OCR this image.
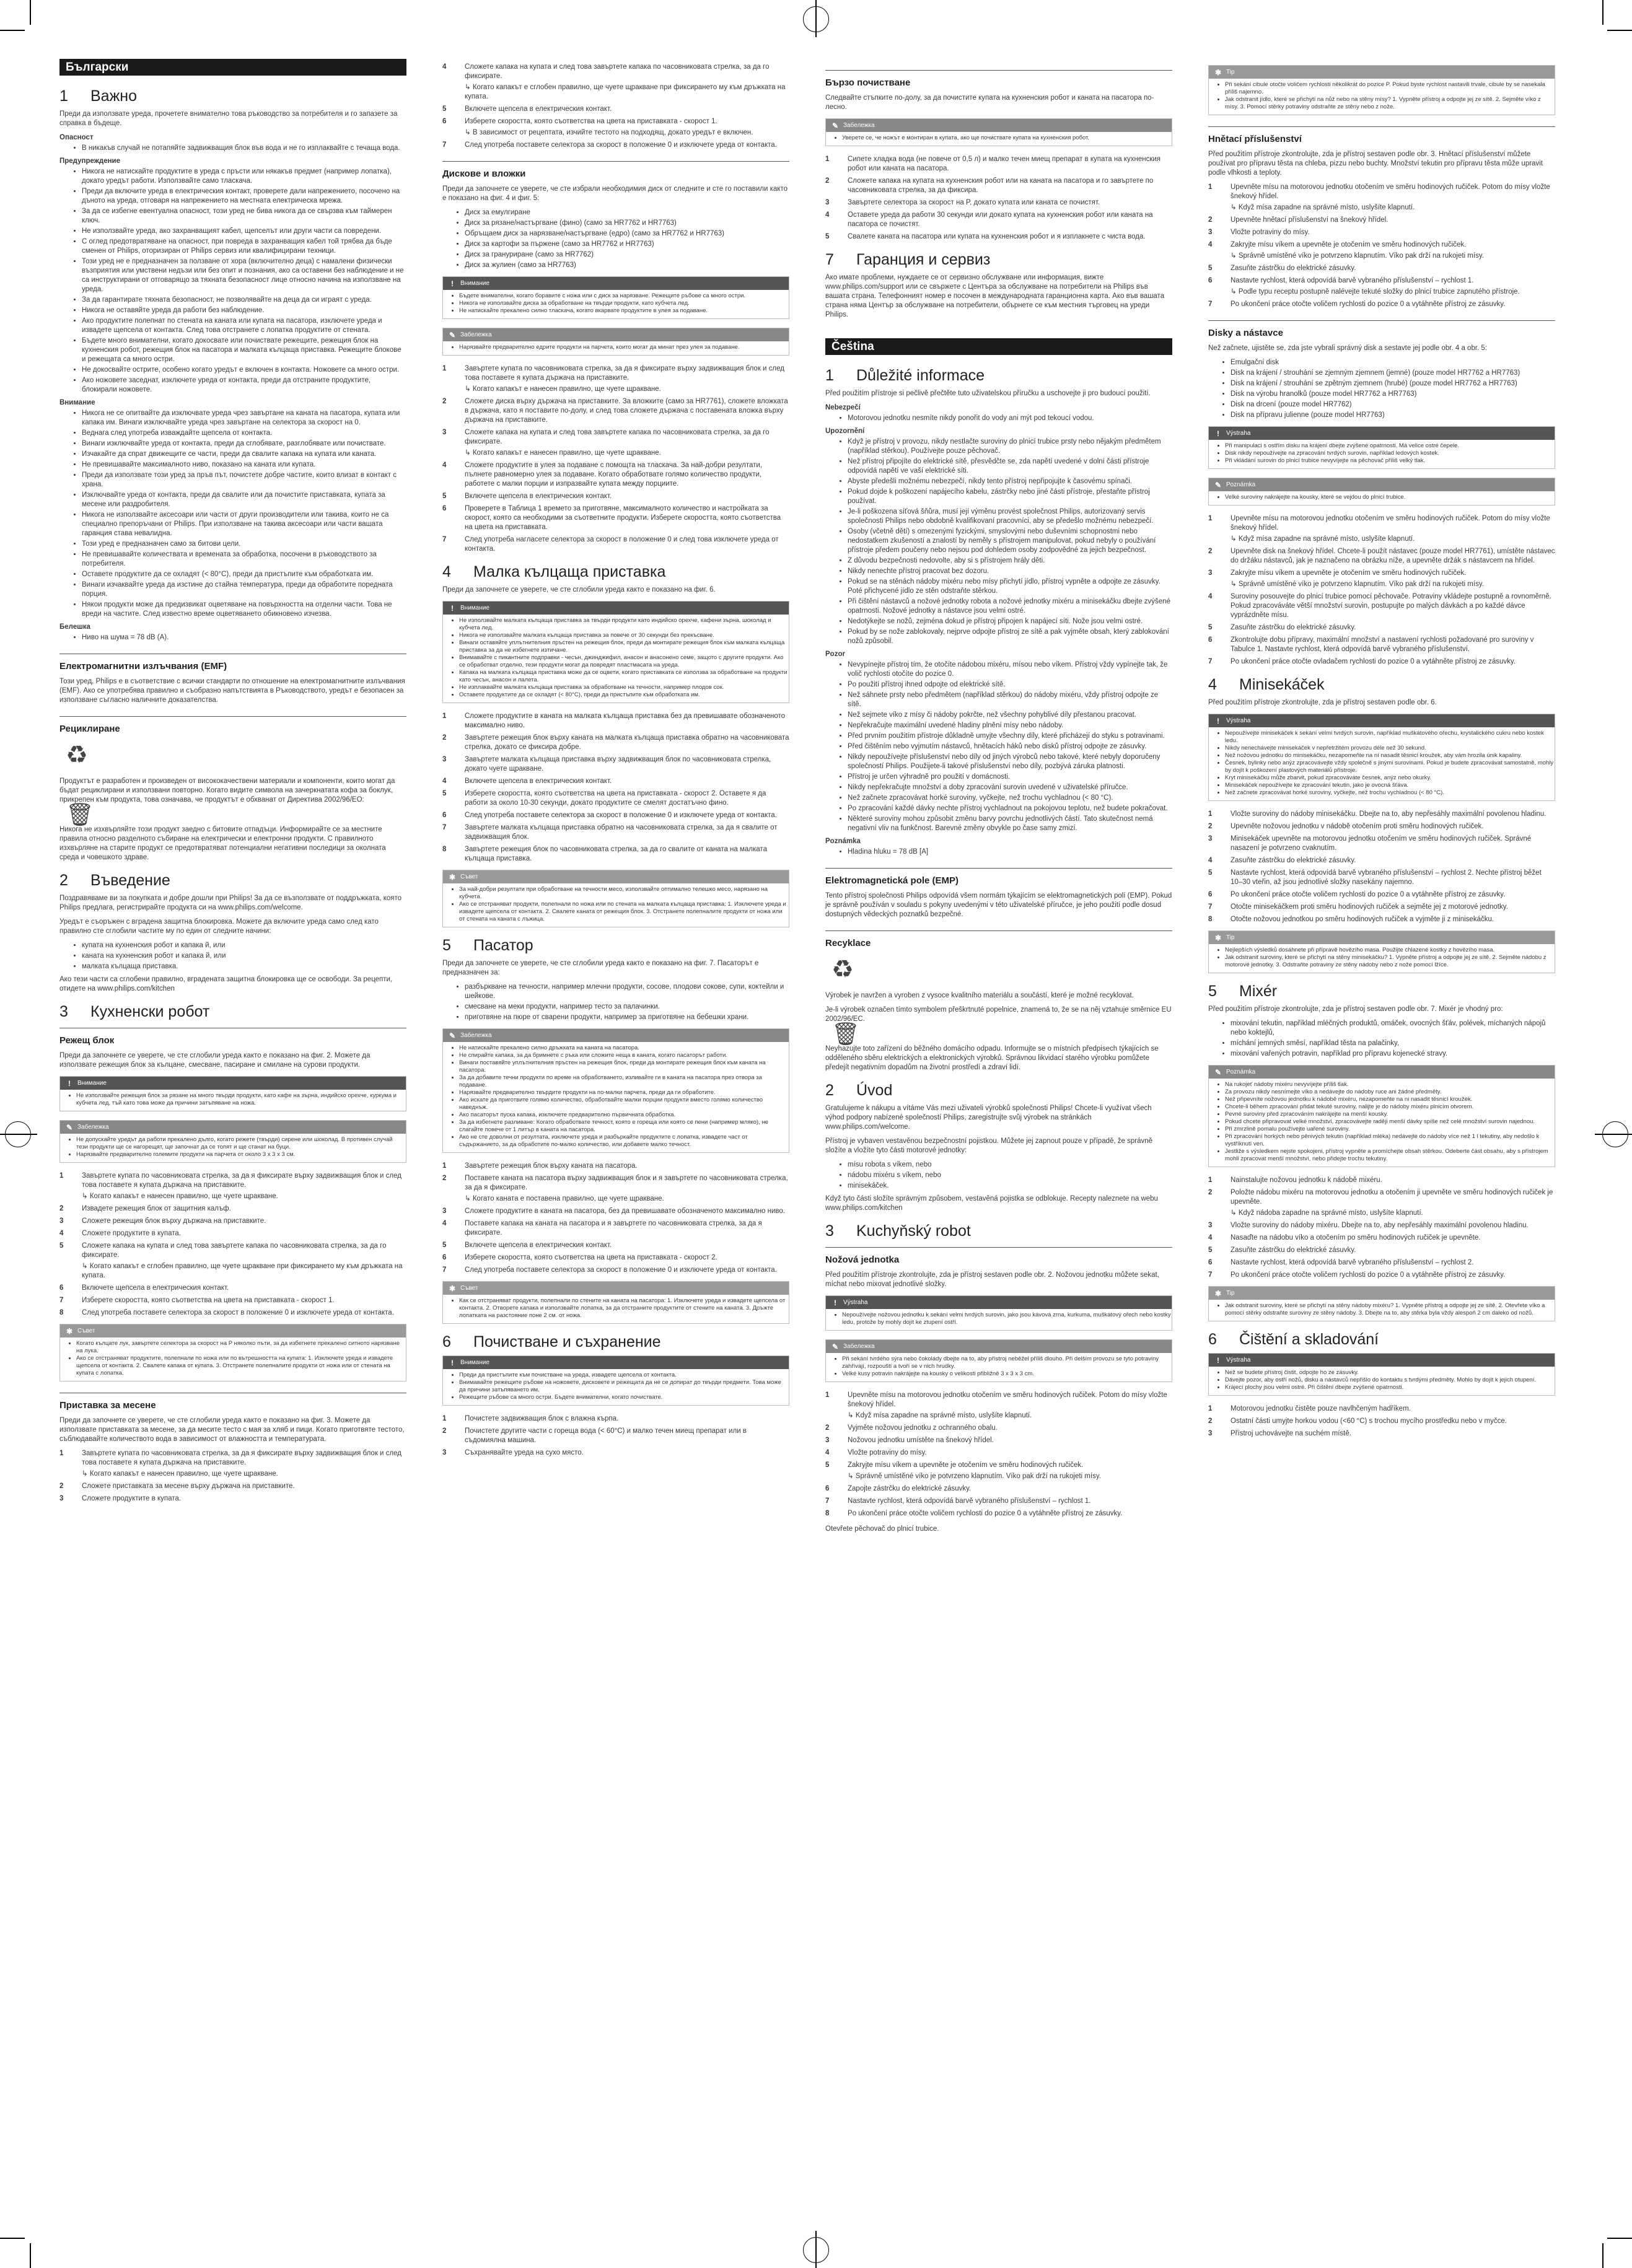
Български
1 Важно

Преди да използвате уреда, прочетете внимателно това ръководство за потребителя и го запазете за справка в бъдеще.

Опасност
• В никакъв случай не потапяйте задвижващия блок във вода и не го изплаквайте с течаща вода.
Предупреждение
• Никога не натискайте продуктите в уреда с пръсти или някакъв предмет (например лопатка), докато уредът работи. Използвайте само тласкача.
• Преди да включите уреда в електрическия контакт, проверете дали напрежението, посочено на дъното на уреда, отговаря на напрежението на местната електрическа мрежа.
• За да се избегне евентуална опасност, този уред не бива никога да се свързва към таймерен ключ.
• Не използвайте уреда, ако захранващият кабел, щепселът или други части са повредени.
• С оглед предотвратяване на опасност, при повреда в захранващия кабел той трябва да бъде сменен от Philips, оторизиран от Philips сервиз или квалифицирани техници.
• Този уред не е предназначен за ползване от хора (включително деца) с намалени физически възприятия или умствени недъзи или без опит и познания, ако са оставени без наблюдение и не са инструктирани от отговарящо за тяхната безопасност лице относно начина на използване на уреда.
• За да гарантирате тяхната безопасност, не позволявайте на деца да си играят с уреда.
• Никога не оставяйте уреда да работи без наблюдение.
• Ако продуктите полепнат по стената на каната или купата на пасатора, изключете уреда и извадете щепсела от контакта. След това отстранете с лопатка продуктите от стената.
• Бъдете много внимателни, когато докосвате или почиствате режещите, режещия блок на кухненския робот, режещия блок на пасатора и малката кълцаща приставка. Режещите блокове и режещата са много остри.
• Не докосвайте острите, особено когато уредът е включен в контакта. Ножовете са много остри.
• Ако ножовете заседнат, изключете уреда от контакта, преди да отстраните продуктите, блокирали ножовете.
Внимание
• Никога не се опитвайте да изключвате уреда чрез завъртане на каната на пасатора, купата или капака им. Винаги изключвайте уреда чрез завъртане на селектора за скорост на 0.
• Веднага след употреба изваждайте щепсела от контакта.
• Винаги изключвайте уреда от контакта, преди да сглобявате, разглобявате или почиствате.
• Изчакайте да спрат движещите се части, преди да свалите капака на купата или каната.
• Не превишавайте максималното ниво, показано на каната или купата.
• Преди да използвате този уред за пръв път, почистете добре частите, които влизат в контакт с храна.
• Изключвайте уреда от контакта, преди да свалите или да почистите приставката, купата за месене или раздробителя.
• Никога не използвайте аксесоари или части от други производители или такива, които не са специално препоръчани от Philips. При използване на такива аксесоари или части вашата гаранция става невалидна.
• Този уред е предназначен само за битови цели.
• Не превишавайте количествата и времената за обработка, посочени в ръководството за потребителя.
• Оставете продуктите да се охладят (< 80°C), преди да пристъпите към обработката им.
• Винаги изчаквайте уреда да изстине до стайна температура, преди да обработите поредната порция.
• Някои продукти може да предизвикат оцветяване на повърхността на отделни части. Това не вреди на частите. След известно време оцветяването обикновено изчезва.
Белешка
• Ниво на шума = 78 dB (A).
Електромагнитни излъчвания (EMF)

Този уред, Philips е в съответствие с всички стандарти по отношение на електромагнитните излъчвания (EMF). Ако се употребява правилно и съобразно напътствията в Ръководството, уредът е безопасен за използване съгласно наличните доказателства.

Рециклиране
♻

Продуктът е разработен и произведен от висококачествени материали и компоненти, които могат да бъдат рециклирани и използвани повторно. Когато видите символа на зачеркнатата кофа за боклук, прикрепен към продукта, това означава, че продуктът е обхванат от Директива 2002/96/ЕО:

🗑

Никога не изхвърляйте този продукт заедно с битовите отпадъци. Информирайте се за местните правила относно разделното събиране на електрически и електронни продукти. С правилното изхвърляне на старите продукт се предотвратяват потенциални негативни последици за околната среда и човешкото здраве.

2 Въведение

Поздравяваме ви за покупката и добре дошли при Philips! За да се възползвате от поддръжката, която Philips предлага, регистрирайте продукта си на www.philips.com/welcome.

Уредът е съоръжен с вградена защитна блокировка. Можете да включите уреда само след като правилно сте сглобили частите му по един от следните начини:

• купата на кухненския робот и капака й, или
• каната на кухненския робот и капака й, или
• малката кълцаща приставка.

Ако тези части са сглобени правилно, вградената защитна блокировка ще се освободи. За рецепти, отидете на www.philips.com/kitchen

3 Кухненски робот
Режещ блок

Преди да започнете се уверете, че сте сглобили уреда както е показано на фиг. 2. Можете да използвате режещия блок за кълцане, смесване, пасиране и смилане на сурови продукти.

!	Внимание
• Не използвайте режещия блок за рязане на много твърди продукти, като кафе на зърна, индийско орехче, куркума и кубчета лед, тъй като това може да причини затъпяване на ножа.
✎ Забележка
• Не допускайте уредът да работи прекалено дълго, когато режете (твърди) сирене или шоколад. В противен случай тези продукти ще се нагорещят, ще започнат да се топят и ще станат на буци.
• Нарязвайте предварително големите продукти на парчета от около 3 x 3 x 3 см.
1	Завъртете купата по часовниковата стрелка, за да я фиксирате върху задвижващия блок и след това поставете я купата държача на приставките.
↳ Когато капакът е нанесен правилно, ще чуете щракване.
2	Извадете режещия блок от защитния калъф.
3	Сложете режещия блок върху държача на приставките.
4	Сложете продуктите в купата.
5	Сложете капака на купата и след това завъртете капака по часовниковата стрелка, за да го фиксирате.
↳ Когато капакът е сглобен правилно, ще чуете щракване при фиксирането му към дръжката на купата.
6	Включете щепсела в електрическия контакт.
7	Изберете скоростта, която съответства на цвета на приставката - скорост 1.
8	След употреба поставете селектора за скорост в положение 0 и изключете уреда от контакта.
✱ Съвет
• Когато кълцате лук, завъртете селектора за скорост на P няколко пъти, за да избегнете прекалено ситното нарязване на лука.
• Ако се отстраняват продуктите, полепнали по ножа или по вътрешността на купата: 1. Изключете уреда и извадете щепсела от контакта. 2. Свалете капака от купата. 3. Отстранете полепналите продукти от ножа или от стената на купата с лопатка.
Приставка за месене

Преди да започнете се уверете, че сте сглобили уреда както е показано на фиг. 3. Можете да използвате приставката за месене, за да месите тесто с мая за хляб и пици. Когато приготвяте тестото, съблюдавайте количеството вода в зависимост от влажността и температурата.

1	Завъртете купата по часовниковата стрелка, за да я фиксирате върху задвижващия блок и след това поставете я купата държача на приставките.
↳ Когато капакът е нанесен правилно, ще чуете щракване.
2	Сложете приставката за месене върху държача на приставките.
3	Сложете продуктите в купата.
4	Сложете капака на купата и след това завъртете капака по часовниковата стрелка, за да го фиксирате.
↳ Когато капакът е сглобен правилно, ще чуете щракване при фиксирането му към дръжката на купата.
5	Включете щепсела в електрическия контакт.
6	Изберете скоростта, която съответства на цвета на приставката - скорост 1.
↳ В зависимост от рецептата, изчийте тестото на подходящ, докато уредът е включен.
7	След употреба поставете селектора за скорост в положение 0 и изключете уреда от контакта.
Дискове и вложки

Преди да започнете се уверете, че сте избрали необходимия диск от следните и сте го поставили както е показано на фиг. 4 и фиг. 5:

• Диск за емулгиране
• Диск за рязане/настъргване (фино) (само за HR7762 и HR7763)
• Обръщаем диск за нарязване/настъргване (едро) (само за HR7762 и HR7763)
• Диск за картофи за пържене (само за HR7762 и HR7763)
• Диск за грануриране (само за HR7762)
• Диск за жулиен (само за HR7763)
!	Внимание
• Бъдете внимателни, когато боравите с ножа или с диск за нарязване. Режещите ръбове са много остри.
• Никога не използвайте диска за обработване на твърди продукти, като кубчета лед.
• Не натискайте прекалено силно тласкача, когато вкарвате продуктите в улея за подаване.
✎ Забележка
• Нарязвайте предварително едрите продукти на парчета, които могат да минат през улея за подаване.
1	Завъртете купата по часовниковата стрелка, за да я фиксирате върху задвижващия блок и след това поставете я купата държача на приставките.
↳ Когато капакът е нанесен правилно, ще чуете щракване.
2	Сложете диска върху държача на приставките. За вложките (само за HR7761), сложете вложката в държача, като я поставите по-долу, и след това сложете държача с поставената вложка върху държача на приставките.
3	Сложете капака на купата и след това завъртете капака по часовниковата стрелка, за да го фиксирате.
↳ Когато капакът е нанесен правилно, ще чуете щракване.
4	Сложете продуктите в улея за подаване с помощта на тласкача. За най-добри резултати, пълнете равномерно улея за подаване. Когато обработвате голямо количество продукти, работете с малки порции и изпразвайте купата между порциите.
5	Включете щепсела в електрическия контакт.
6	Проверете в Таблица 1 времето за приготвяне, максималното количество и настройката за скорост, която са необходими за съответните продукти. Изберете скоростта, която съответства на цвета на приставката.
7	След употреба нагласете селектора за скорост в положение 0 и след това изключете уреда от контакта.
4 Малка кълцаща приставка

Преди да започнете се уверете, че сте сглобили уреда както е показано на фиг. 6.

!	Внимание
• Не използвайте малката кълцаща приставка за твърди продукти като индийско орехче, кафени зърна, шоколад и кубчета лед.
• Никога не използвайте малката кълцаща приставка за повече от 30 секунди без прекъсване.
• Винаги оставяйте уплътнителния пръстен на режещия блок, преди да монтирате режещия блок към малката кълцаща приставка за да не избегнете изтичане.
• Внимавайте с пикантните подправки - чесън, джинджифил, анасон и анасонено семе, защото с другите продукти. Ако се обработват отделно, тези продукти могат да повредят пластмасата на уреда.
• Капака на малката кълцаща приставка може да се оцвети, когато приставката се използва за обработване на продукти като чесън, анасон и лалета.
• Не изплаквайте малката кълцаща приставка за обработване на течности, например плодов сок.
• Оставете продуктите да се охладят (< 80°C), преди да пристъпите към обработката им.
1	Сложете продуктите в каната на малката кълцаща приставка без да превишавате обозначеното максимално ниво.
2	Завъртете режещия блок върху каната на малката кълцаща приставка обратно на часовниковата стрелка, докато се фиксира добре.
3	Завъртете малката кълцаща приставка върху задвижващия блок по часовниковата стрелка, докато чуете щракване.
4	Включете щепсела в електрическия контакт.
5	Изберете скоростта, която съответства на цвета на приставката - скорост 2. Оставете я да работи за около 10-30 секунди, докато продуктите се смелят достатъчно фино.
6	След употреба поставете селектора за скорост в положение 0 и изключете уреда от контакта.
7	Завъртете малката кълцаща приставка обратно на часовниковата стрелка, за да я свалите от задвижващия блок.
8	Завъртете режещия блок по часовниковата стрелка, за да го свалите от каната на малката кълцаща приставка.
✱ Съвет
• За най-добри резултати при обработване на течности месо, използвайте оптимално телешко месо, нарязано на кубчета.
• Ако се отстраняват продукти, полепнали по ножа или по стената на малката кълцаща приставка: 1. Изключете уреда и извадете щепсела от контакта. 2. Свалете каната от режещия блок. 3. Отстранете полепналите продукти от ножа или от стената на каната с лъжица.
5 Пасатор

Преди да започнете се уверете, че сте сглобили уреда както е показано на фиг. 7. Пасаторът е предназначен за:

• разбъркване на течности, например млечни продукти, сосове, плодови сокове, супи, коктейли и шейкове.
• смесване на меки продукти, например тесто за палачинки.
• приготвяне на пюре от сварени продукти, например за приготвяне на бебешки храни.
✎ Забележка
• Не натискайте прекалено силно дръжката на каната на пасатора.
• Не спирайте капака, за да бримнете с ръка или сложите неща в каната, когато пасаторът работи.
• Винаги поставяйте уплътнителния пръстен на режещия блок, преди да монтирате режещия блок към каната на пасатора.
• За да добавите течни продукти по време на обработването, изливайте ги в каната на пасатора през отвора за подаване.
• Нарязвайте предварително твърдите продукти на по-малки парчета, преди да ги обработите.
• Ако искате да приготвите голямо количество, обработвайте малки порции продукти вместо голямо количество наведнъж.
• Ако пасаторът пуска капака, изключете предварително първичната обработка.
• За да избегнете разливане: Когато обработвате течност, която е гореща или която се пени (например мляко), не слагайте повече от 1 литър в каната на пасатора.
• Ако не сте доволни от резултата, изключете уреда и разбъркайте продуктите с лопатка, извадете част от съдържанието, за да обработите по-малко количество, или добавете малко течност.
1	Завъртете режещия блок върху каната на пасатора.
2	Поставете каната на пасатора върху задвижващия блок и я завъртете по часовниковата стрелка, за да я фиксирате.
↳ Когато каната е поставена правилно, ще чуете щракване.
3	Сложете продуктите в каната на пасатора, без да превишавате обозначеното максимално ниво.
4	Поставете капака на каната на пасатора и я завъртете по часовниковата стрелка, за да я фиксирате.
5	Включете щепсела в електрическия контакт.
6	Изберете скоростта, която съответства на цвета на приставката - скорост 2.
7	След употреба поставете селектора за скорост в положение 0 и изключете уреда от контакта.
✱ Съвет
• Как се отстраняват продукти, полепнали по стените на каната на пасатора: 1. Изключете уреда и извадете щепсела от контакта. 2. Отворете капака и използвайте лопатка, за да отстраните продуктите от стените на каната. 3. Дръжте лопатката на разстояние поне 2 см. от ножа.
6 Почистване и съхранение
!	Внимание
• Преди да пристъпите към почистване на уреда, извадете щепсела от контакта.
• Внимавайте режещите ръбове на ножовете, дисковете и режещата да не се допират до твърди предмети. Това може да причини затъпяването им.
• Режещите ръбове са много остри. Бъдете внимателни, когато почиствате.
1	Почистете задвижващия блок с влажна кърпа.
2	Почистете другите части с гореща вода (< 60°C) и малко течен миещ препарат или в съдомиялна машина.
3	Съхранявайте уреда на сухо място.
Бързо почистване

Следвайте стъпките по-долу, за да почистите купата на кухненския робот и каната на пасатора по-лесно.

✎ Забележка
• Уверете се, че ножът е монтиран в купата, ако ще почиствате купата на кухненския робот.
1	Сипете хладка вода (не повече от 0,5 л) и малко течен миещ препарат в купата на кухненския робот или каната на пасатора.
2	Сложете капака на купата на кухненския робот или на каната на пасатора и го завъртете по часовниковата стрелка, за да фиксира.
3	Завъртете селектора за скорост на P, докато купата или каната се почистят.
4	Оставете уреда да работи 30 секунди или докато купата на кухненския робот или каната на пасатора се почистят.
5	Свалете каната на пасатора или купата на кухненския робот и я изплакнете с чиста вода.
7 Гаранция и сервиз

Ако имате проблеми, нуждаете се от сервизно обслужване или информация, вижте www.philips.com/support или се свържете с Центъра за обслужване на потребители на Philips във вашата страна. Телефонният номер е посочен в международната гаранционна карта. Ако във вашата страна няма Център за обслужване на потребители, обърнете се към местния търговец на уреди Philips.

Čeština
1 Důležité informace

Před použitím přístroje si pečlivě přečtěte tuto uživatelskou příručku a uschovejte ji pro budoucí použití.

Nebezpečí
• Motorovou jednotku nesmíte nikdy ponořit do vody ani mýt pod tekoucí vodou.
Upozornění
• Když je přístroj v provozu, nikdy nestlačte suroviny do plnicí trubice prsty nebo nějakým předmětem (například stěrkou). Používejte pouze pěchovač.
• Než přístroj připojíte do elektrické sítě, přesvědčte se, zda napětí uvedené v dolní části přístroje odpovídá napětí ve vaší elektrické síti.
• Abyste předešli možnému nebezpečí, nikdy tento přístroj nepřipojujte k časovému spínači.
• Pokud dojde k poškození napájecího kabelu, zástrčky nebo jiné části přístroje, přestaňte přístroj používat.
• Je-li poškozena síťová šňůra, musí její výměnu provést společnost Philips, autorizovaný servis společnosti Philips nebo obdobně kvalifikovaní pracovníci, aby se předešlo možnému nebezpečí.
• Osoby (včetně dětí) s omezenými fyzickými, smyslovými nebo duševními schopnostmi nebo nedostatkem zkušeností a znalostí by neměly s přístrojem manipulovat, pokud nebyly o používání přístroje předem poučeny nebo nejsou pod dohledem osoby zodpovědné za jejich bezpečnost.
• Z důvodu bezpečnosti nedovolte, aby si s přístrojem hrály děti.
• Nikdy nenechte přístroj pracovat bez dozoru.
• Pokud se na stěnách nádoby mixéru nebo mísy přichytí jídlo, přístroj vypněte a odpojte ze zásuvky. Poté přichycené jídlo ze stěn odstraňte stěrkou.
• Při čištění nástavců a nožové jednotky robota a nožové jednotky mixéru a minisekáčku dbejte zvýšené opatrnosti. Nožové jednotky a nástavce jsou velmi ostré.
• Nedotýkejte se nožů, zejména dokud je přístroj připojen k napájecí síti. Nože jsou velmi ostré.
• Pokud by se nože zablokovaly, nejprve odpojte přístroj ze sítě a pak vyjměte obsah, který zablokování nožů způsobil.
Pozor
• Nevypínejte přístroj tím, že otočíte nádobou mixéru, mísou nebo víkem. Přístroj vždy vypínejte tak, že volič rychlosti otočíte do pozice 0.
• Po použití přístroj ihned odpojte od elektrické sítě.
• Než sáhnete prsty nebo předmětem (například stěrkou) do nádoby mixéru, vždy přístroj odpojte ze sítě.
• Než sejmete víko z mísy či nádoby pokrčte, než všechny pohyblivé díly přestanou pracovat.
• Nepřekračujte maximální uvedené hladiny plnění mísy nebo nádoby.
• Před prvním použitím přístroje důkladně umyjte všechny díly, které přicházejí do styku s potravinami.
• Před čištěním nebo vyjmutím nástavců, hnětacích háků nebo disků přístroj odpojte ze zásuvky.
• Nikdy nepoužívejte příslušenství nebo díly od jiných výrobců nebo takové, které nebyly doporučeny společností Philips. Použijete-li takové příslušenství nebo díly, pozbývá záruka platnosti.
• Přístroj je určen výhradně pro použití v domácnosti.
• Nikdy nepřekračujte množství a doby zpracování surovin uvedené v uživatelské příručce.
• Než začnete zpracovávat horké suroviny, vyčkejte, než trochu vychladnou (< 80 °C).
• Po zpracování každé dávky nechte přístroj vychladnout na pokojovou teplotu, než budete pokračovat.
• Některé suroviny mohou způsobit změnu barvy povrchu jednotlivých částí. Tato skutečnost nemá negativní vliv na funkčnost. Barevné změny obvykle po čase samy zmizí.
Poznámka
• Hladina hluku = 78 dB [A]
Elektromagnetická pole (EMP)

Tento přístroj společnosti Philips odpovídá všem normám týkajícím se elektromagnetických polí (EMP). Pokud je správně používán v souladu s pokyny uvedenými v této uživatelské příručce, je jeho použití podle dosud dostupných vědeckých poznatků bezpečné.

Recyklace
♻

Výrobek je navržen a vyroben z vysoce kvalitního materiálu a součástí, které je možné recyklovat.

Je-li výrobek označen tímto symbolem přeškrtnuté popelnice, znamená to, že se na něj vztahuje směrnice EU 2002/96/EC.

🗑

Neyhazujte toto zařízení do běžného domácího odpadu. Informujte se o místních předpisech týkajících se odděleného sběru elektrických a elektronických výrobků. Správnou likvidací starého výrobku pomůžete předejít negativním dopadům na životní prostředí a zdraví lidí.

2 Úvod

Gratulujeme k nákupu a vítáme Vás mezi uživateli výrobků společnosti Philips! Chcete-li využívat všech výhod podpory nabízené společností Philips, zaregistrujte svůj výrobek na stránkách www.philips.com/welcome.

Přístroj je vybaven vestavěnou bezpečnostní pojistkou. Můžete jej zapnout pouze v případě, že správně složíte a vložíte tyto části motorové jednotky:

• mísu robota s víkem, nebo
• nádobu mixéru s víkem, nebo
• minisekáček.

Když tyto části složíte správným způsobem, vestavěná pojistka se odblokuje. Recepty naleznete na webu www.philips.com/kitchen

3 Kuchyňský robot
Nožová jednotka

Před použitím přístroje zkontrolujte, zda je přístroj sestaven podle obr. 2. Nožovou jednotku můžete sekat, míchat nebo mixovat jednotlivé složky.

!	Výstraha
• Nepoužívejte nožovou jednotku k sekání velmi tvrdých surovin, jako jsou kávová zrna, kurkuma, muškátový ořech nebo kostky ledu, protože by mohly dojít ke ztupení ostří.
✎ Забележка
• Při sekání tvrdého sýra nebo čokolády dbejte na to, aby přístroj neběžel příliš dlouho. Při delším provozu se tyto potraviny zahřívají, rozpouští a tvoří se v nich hrudky.
• Velké kusy potravin nakrájejte na kousky o velikosti přibližně 3 x 3 x 3 cm.
1	Upevněte mísu na motorovou jednotku otočením ve směru hodinových ručiček. Potom do mísy vložte šnekový hřídel.
↳ Když mísa zapadne na správné místo, uslyšíte klapnutí.
2	Vyjměte nožovou jednotku z ochranného obalu.
3	Nožovou jednotku umístěte na šnekový hřídel.
4	Vložte potraviny do mísy.
5	Zakryjte mísu víkem a upevněte je otočením ve směru hodinových ručiček.
↳ Správně umístěné víko je potvrzeno klapnutím. Víko pak drží na rukojeti mísy.
6	Zapojte zástrčku do elektrické zásuvky.
7	Nastavte rychlost, která odpovídá barvě vybraného příslušenství – rychlost 1.
8	Po ukončení práce otočte voličem rychlosti do pozice 0 a vytáhněte přístroj ze zásuvky.

Otevřete pěchovač do plnicí trubice.

✱ Tip
• Při sekání cibule otočte voličem rychlosti několikrát do pozice P. Pokud byste rychlost nastavili trvale, cibule by se nasekala příliš najemno.
• Jak odstranit jídlo, které se přichytí na nůž nebo na stěny mísy? 1. Vypněte přístroj a odpojte jej ze sítě. 2. Sejměte víko z mísy. 3. Pomocí stěrky potraviny odstraňte ze stěny nebo z nože.
Hnětací příslušenství

Před použitím přístroje zkontrolujte, zda je přístroj sestaven podle obr. 3. Hnětací příslušenství můžete používat pro přípravu těsta na chleba, pizzu nebo buchty. Množství tekutin pro přípravu těsta může upravit podle vlhkosti a teploty.

1	Upevněte mísu na motorovou jednotku otočením ve směru hodinových ručiček. Potom do mísy vložte šnekový hřídel.
↳ Když mísa zapadne na správné místo, uslyšíte klapnutí.
2	Upevněte hnětací příslušenství na šnekový hřídel.
3	Vložte potraviny do mísy.
4	Zakryjte mísu víkem a upevněte je otočením ve směru hodinových ručiček.
↳ Správně umístěné víko je potvrzeno klapnutím. Víko pak drží na rukojeti mísy.
5	Zasuňte zástrčku do elektrické zásuvky.
6	Nastavte rychlost, která odpovídá barvě vybraného příslušenství – rychlost 1.
↳ Podle typu receptu postupně nalévejte tekuté složky do plnicí trubice zapnutého přístroje.
7	Po ukončení práce otočte voličem rychlosti do pozice 0 a vytáhněte přístroj ze zásuvky.
Disky a nástavce

Než začnete, ujistěte se, zda jste vybrali správný disk a sestavte jej podle obr. 4 a obr. 5:

• Emulgační disk
• Disk na krájení / strouhání se zjemným zjemnem (jemné) (pouze model HR7762 a HR7763)
• Disk na krájení / strouhání se zpětným zjemnem (hrubé) (pouze model HR7762 a HR7763)
• Disk na výrobu hranolků (pouze model HR7762 a HR7763)
• Disk na drcení (pouze model HR7762)
• Disk na přípravu julienne (pouze model HR7763)
!	Výstraha
• Při manipulaci s ostřím disku na krájení dbejte zvýšené opatrnosti. Má velice ostré čepele.
• Disk nikdy nepoužívejte na zpracování tvrdých surovin, například ledových kostek.
• Při vkládání surovin do plnicí trubice nevyvíjejte na pěchovač příliš velký tlak.
✎ Poznámka
• Velké suroviny nakrájejte na kousky, které se vejdou do plnicí trubice.
1	Upevněte mísu na motorovou jednotku otočením ve směru hodinových ručiček. Potom do mísy vložte šnekový hřídel.
↳ Když mísa zapadne na správné místo, uslyšíte klapnutí.
2	Upevněte disk na šnekový hřídel. Chcete-li použít nástavec (pouze model HR7761), umístěte nástavec do držáku nástavců, jak je naznačeno na obrázku níže, a upevněte držák s nástavcem na hřídel.
3	Zakryjte mísu víkem a upevněte je otočením ve směru hodinových ručiček.
↳ Správně umístěné víko je potvrzeno klapnutím. Víko pak drží na rukojeti mísy.
4	Suroviny posouvejte do plnicí trubice pomocí pěchovače. Potraviny vkládejte postupně a rovnoměrně. Pokud zpracováváte větší množství surovin, postupujte po malých dávkách a po každé dávce vyprázdněte mísu.
5	Zasuňte zástrčku do elektrické zásuvky.
6	Zkontrolujte dobu přípravy, maximální množství a nastavení rychlosti požadované pro suroviny v Tabulce 1. Nastavte rychlost, která odpovídá barvě vybraného příslušenství.
7	Po ukončení práce otočte ovladačem rychlosti do pozice 0 a vytáhněte přístroj ze zásuvky.
4 Minisekáček

Před použitím přístroje zkontrolujte, zda je přístroj sestaven podle obr. 6.

!	Výstraha
• Nepoužívejte minisekáček k sekání velmi tvrdých surovin, například muškátového ořechu, krystalického cukru nebo kostek ledu.
• Nikdy nenechávejte minisekáček v nepřetržitém provozu déle než 30 sekund.
• Než nožovou jednotku do minisekáčku, nezapomeňte na ní nasadit těsnicí kroužek, aby vám hrozila únik kapaliny.
• Česnek, bylinky nebo anýz zpracovávejte vždy společně s jinými surovinami. Pokud je budete zpracovávat samostatně, mohly by dojít k poškození plastových materiálů přístroje.
• Kryt minisekáčku může zbarvit, pokud zpracováváte česnek, anýz nebo okurky.
• Minisekáček nepoužívejte ke zpracování tekutin, jako je ovocná šťáva.
• Než začnete zpracovávat horké suroviny, vyčkejte, než trochu vychladnou (< 80 °C).
1	Vložte suroviny do nádoby minisekáčku. Dbejte na to, aby nepřesáhly maximální povolenou hladinu.
2	Upevněte nožovou jednotku v nádobě otočením proti směru hodinových ručiček.
3	Minisekáček upevněte na motorovou jednotku otočením ve směru hodinových ručiček. Správné nasazení je potvrzeno cvaknutím.
4	Zasuňte zástrčku do elektrické zásuvky.
5	Nastavte rychlost, která odpovídá barvě vybraného příslušenství – rychlost 2. Nechte přístroj běžet 10–30 vteřin, až jsou jednotlivé složky nasekány najemno.
6	Po ukončení práce otočte voličem rychlosti do pozice 0 a vytáhněte přístroj ze zásuvky.
7	Otočte minisekáčkem proti směru hodinových ručiček a sejměte jej z motorové jednotky.
8	Otočte nožovou jednotkou po směru hodinových ručiček a vyjměte ji z minisekáčku.
✱ Tip
• Nejlepších výsledků dosáhnete při přípravě hovězího masa. Použijte chlazené kostky z hovězího masa.
• Jak odstranit suroviny, které se přichytí na stěny minisekáčku? 1. Vypněte přístroj a odpojte jej ze sítě. 2. Sejměte nádobu z motorové jednotky. 3. Odstraňte potraviny ze stěny nádoby nebo z nože pomocí lžíce.
5 Mixér

Před použitím přístroje zkontrolujte, zda je přístroj sestaven podle obr. 7. Mixér je vhodný pro:

• mixování tekutin, například mléčných produktů, omáček, ovocných šťáv, polévek, míchaných nápojů nebo koktejlů,
• míchání jemných směsí, například těsta na palačinky,
• mixování vařených potravin, například pro přípravu kojenecké stravy.
✎ Poznámka
• Na rukojeť nádoby mixéru nevyvíjejte příliš tlak.
• Za provozu nikdy nesnímejte víko a nedávejte do nádoby ruce ani žádné předměty.
• Než připevníte nožovou jednotku k nádobě mixéru, nezapomeňte na ni nasadit těsnicí kroužek.
• Chcete-li během zpracování přidat tekuté suroviny, nalijte je do nádoby mixéru plnicím otvorem.
• Pevné suroviny před zpracováním nakrájejte na menší kousky.
• Pokud chcete připravovat velké množství, zpracovávejte raději menší dávky spíše než celé množství surovin najednou.
• Při zmrzlině pomalu používejte uařené suroviny.
• Při zpracování horkých nebo pěnivých tekutin (například mléka) nedávejte do nádoby více než 1 l tekutiny, aby nedošlo k vystříknutí ven.
• Jestliže s výsledkem nejste spokojeni, přístroj vypněte a promíchejte obsah stěrkou. Odeberte část obsahu, aby s přístrojem mohli zpracovat menší množství, nebo přidejte trochu tekutiny.
1	Nainstalujte nožovou jednotku k nádobě mixéru.
2	Položte nádobu mixéru na motorovou jednotku a otočením ji upevněte ve směru hodinových ručiček je upevněte.
↳ Když nádoba zapadne na správné místo, uslyšíte klapnutí.
3	Vložte suroviny do nádoby mixéru. Dbejte na to, aby nepřesáhly maximální povolenou hladinu.
4	Nasaďte na nádobu víko a otočením po směru hodinových ručiček je upevněte.
5	Zasuňte zástrčku do elektrické zásuvky.
6	Nastavte rychlost, která odpovídá barvě vybraného příslušenství – rychlost 2.
7	Po ukončení práce otočte voličem rychlosti do pozice 0 a vytáhněte přístroj ze zásuvky.
✱ Tip
• Jak odstranit suroviny, které se přichytí na stěny nádoby mixéru? 1. Vypněte přístroj a odpojte jej ze sítě. 2. Otevřete víko a pomocí stěrky odstraňte suroviny ze stěny nádoby. 3. Dbejte na to, aby stěrka byla vždy alespoň 2 cm daleko od nožů.
6 Čištění a skladování
!	Výstraha
• Než se budete přístroj čistit, odpojte ho ze zásuvky.
• Dávejte pozor, aby ostří nožů, disku a nástavců nepřišlo do kontaktu s tvrdými předměty. Mohlo by dojít k jejich otupení.
• Krájecí plochy jsou velmi ostré. Při čištění dbejte zvýšené opatrnosti.
1	Motorovou jednotku čistěte pouze navlhčeným hadříkem.
2	Ostatní části umyjte horkou vodou (<60 °C) s trochou mycího prostředku nebo v myčce.
3	Přístroj uchovávejte na suchém místě.
